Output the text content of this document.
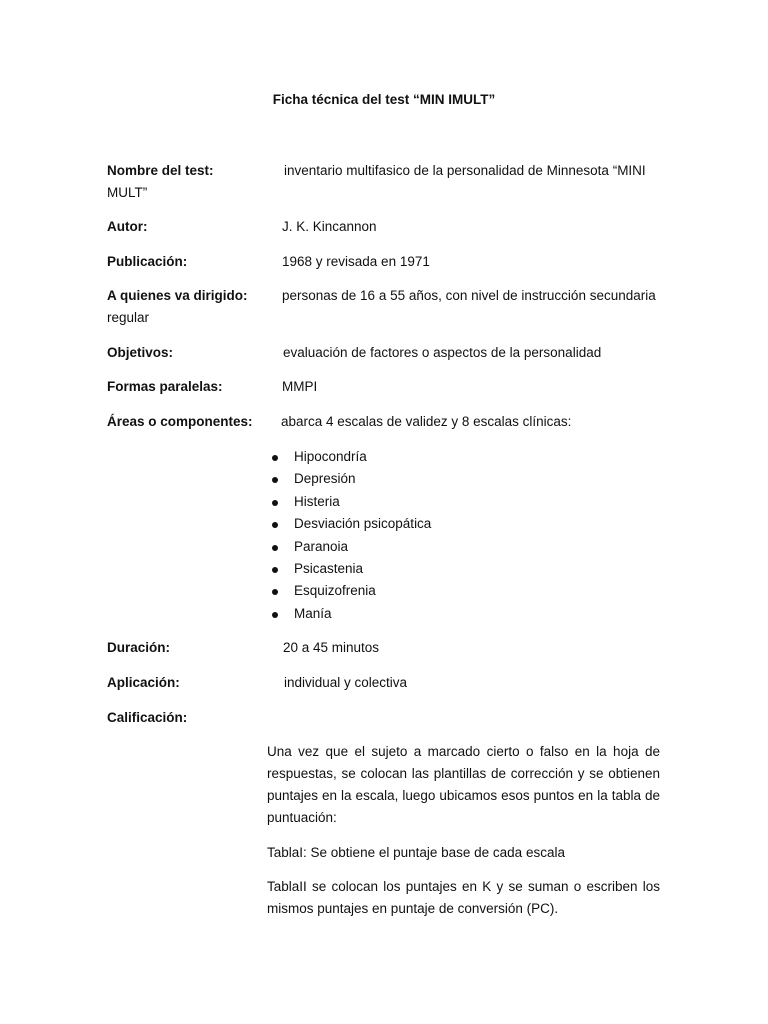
Ficha técnica del test “MIN IMULT”
Nombre del test:	inventario multifasico de la personalidad de Minnesota “MINI
MULT”
Autor:	J. K. Kincannon
Publicación:	1968 y revisada en 1971
A quienes va dirigido:	personas de 16 a 55 años, con nivel de instrucción secundaria
regular
Objetivos:	evaluación de factores o aspectos de la personalidad
Formas paralelas:	MMPI
Áreas o componentes: abarca 4 escalas de validez y 8 escalas clínicas:
Hipocondría
Depresión
Histeria
Desviación psicopática
Paranoia
Psicastenia
Esquizofrenia
Manía
Duración:	20 a 45 minutos
Aplicación:	individual y colectiva
Calificación:
Una vez que el sujeto a marcado cierto o falso en la hoja de respuestas, se colocan las plantillas de corrección y se obtienen puntajes en la escala, luego ubicamos esos puntos en la tabla de puntuación:
TablaI: Se obtiene el puntaje base de cada escala
TablaII se colocan los puntajes en K y se suman o escriben los mismos puntajes en puntaje de conversión (PC).
